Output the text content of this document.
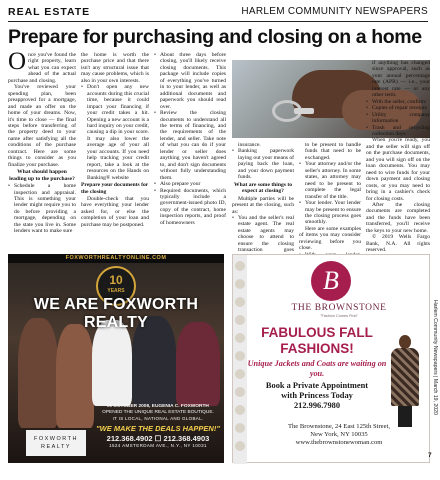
REAL ESTATE	HARLEM COMMUNITY NEWSPAPERS
Prepare for purchasing and closing on a home

Once you've found the right property, learn what you can expect ahead of the actual purchase and closing.

You've reviewed your spending plan, been preapproved for a mortgage, and made an offer on the home of your dreams. Now, it's time to close — the final steps before transferring of the property deed to your name after satisfying all the conditions of the purchase contract. Here are some things to consider as you finalize your purchase.

What should happen leading up to the purchase?

• Schedule a home inspection and appraisal. This is something your lender might require you to do before providing a mortgage, depending on the state you live in. Some lenders want to make sure

the home is worth the purchase price and that there isn't any structural issue that may cause problems, which is also in your own interests.

• Don't open any new accounts during this crucial time, because it could impact your financing if your credit takes a hit. Opening a new account is a hard inquiry on your credit, causing a dip in your score. It may also lower the average age of your all your accounts. If you need help tracking your credit report, take a look at the resources on the Hands on Banking® website

Prepare your documents for the closing

Double-check that you have everything your lender asked for, or else the completion of your loan and purchase may be postponed.

• About three days before closing, you'll likely receive closing documents. This package will include copies of everything you've turned in to your lender, as well as additional documents and paperwork you should read over.
• Review the closing documents to understand all the terms of financing, and the requirements of the lender, and seller. Take note of what you can do if your lender or seller does anything you haven't agreed to, and don't sign documents without fully understanding them.
• Also prepare your
• Required documents, which typically include a government-issued photo ID, copy of the contract, home inspection reports, and proof of homeowners

insurance.

• Banking paperwork laying out your means of paying back the loan, and your down payment funds.

What are some things to expect at closing?

Multiple parties will be present at the closing, such as:

• You and the seller's real estate agent. The real estate agents may choose to attend to ensure the closing transaction goes
•

to be present to handle funds that need to be exchanged.

• Your attorney and/or the seller's attorney. In some states, an attorney may need to be present to complete the legal transfer of the title.
• Your lender. Your lender may be present to ensure the closing process goes smoothly.

Here are some examples of items you may consider reviewing before you close.

•

if anything has changed since approval, such as your annual percentage rate (APR) — i.e., your interest rate — or any other term.

• With the seller, confirm:
• Copies of repair receipts
• Utility company information
• Trash and recycling collection days

When you're ready, you and the seller will sign off on the purchase documents, and you will sign off on the loan documents. You may need to wire funds for your down payment and closing costs, or you may need to bring in a cashier's check for closing costs.

After the closing documents are completed and the funds have been transferred, you'll receive the keys to your new home.

© 2019 Wells Fargo Bank, N.A. All rights reserved.

FOXWORTHREALTYONLINE.COM
10
YEARS
WE ARE FOXWORTH REALTY
FOXWORTH
REALTY
IN OCTOBER 2008, EUGENIA C. FOXWORTH
OPENED THE UNIQUE REAL ESTATE BOUTIQUE.
IT IS LOCAL, NATIONAL AND GLOBAL.
"WE MAKE THE DEALS HAPPEN!"
212.368.4902 ☐ 212.368.4903
1524 AMSTERDAM AVE., N.Y., NY 10031
B
THE BROWNSTONE
"Fashion Comes First"
FABULOUS FALL FASHIONS!
Unique Jackets and Coats are waiting on you.
Book a Private Appointment
with Princess Today
212.996.7980
The Brownstone, 24 East 125th Street,
New York, NY 10035
www.thebrownstonewoman.com
Harlem Community Newspapers | March 19, 2020
7
